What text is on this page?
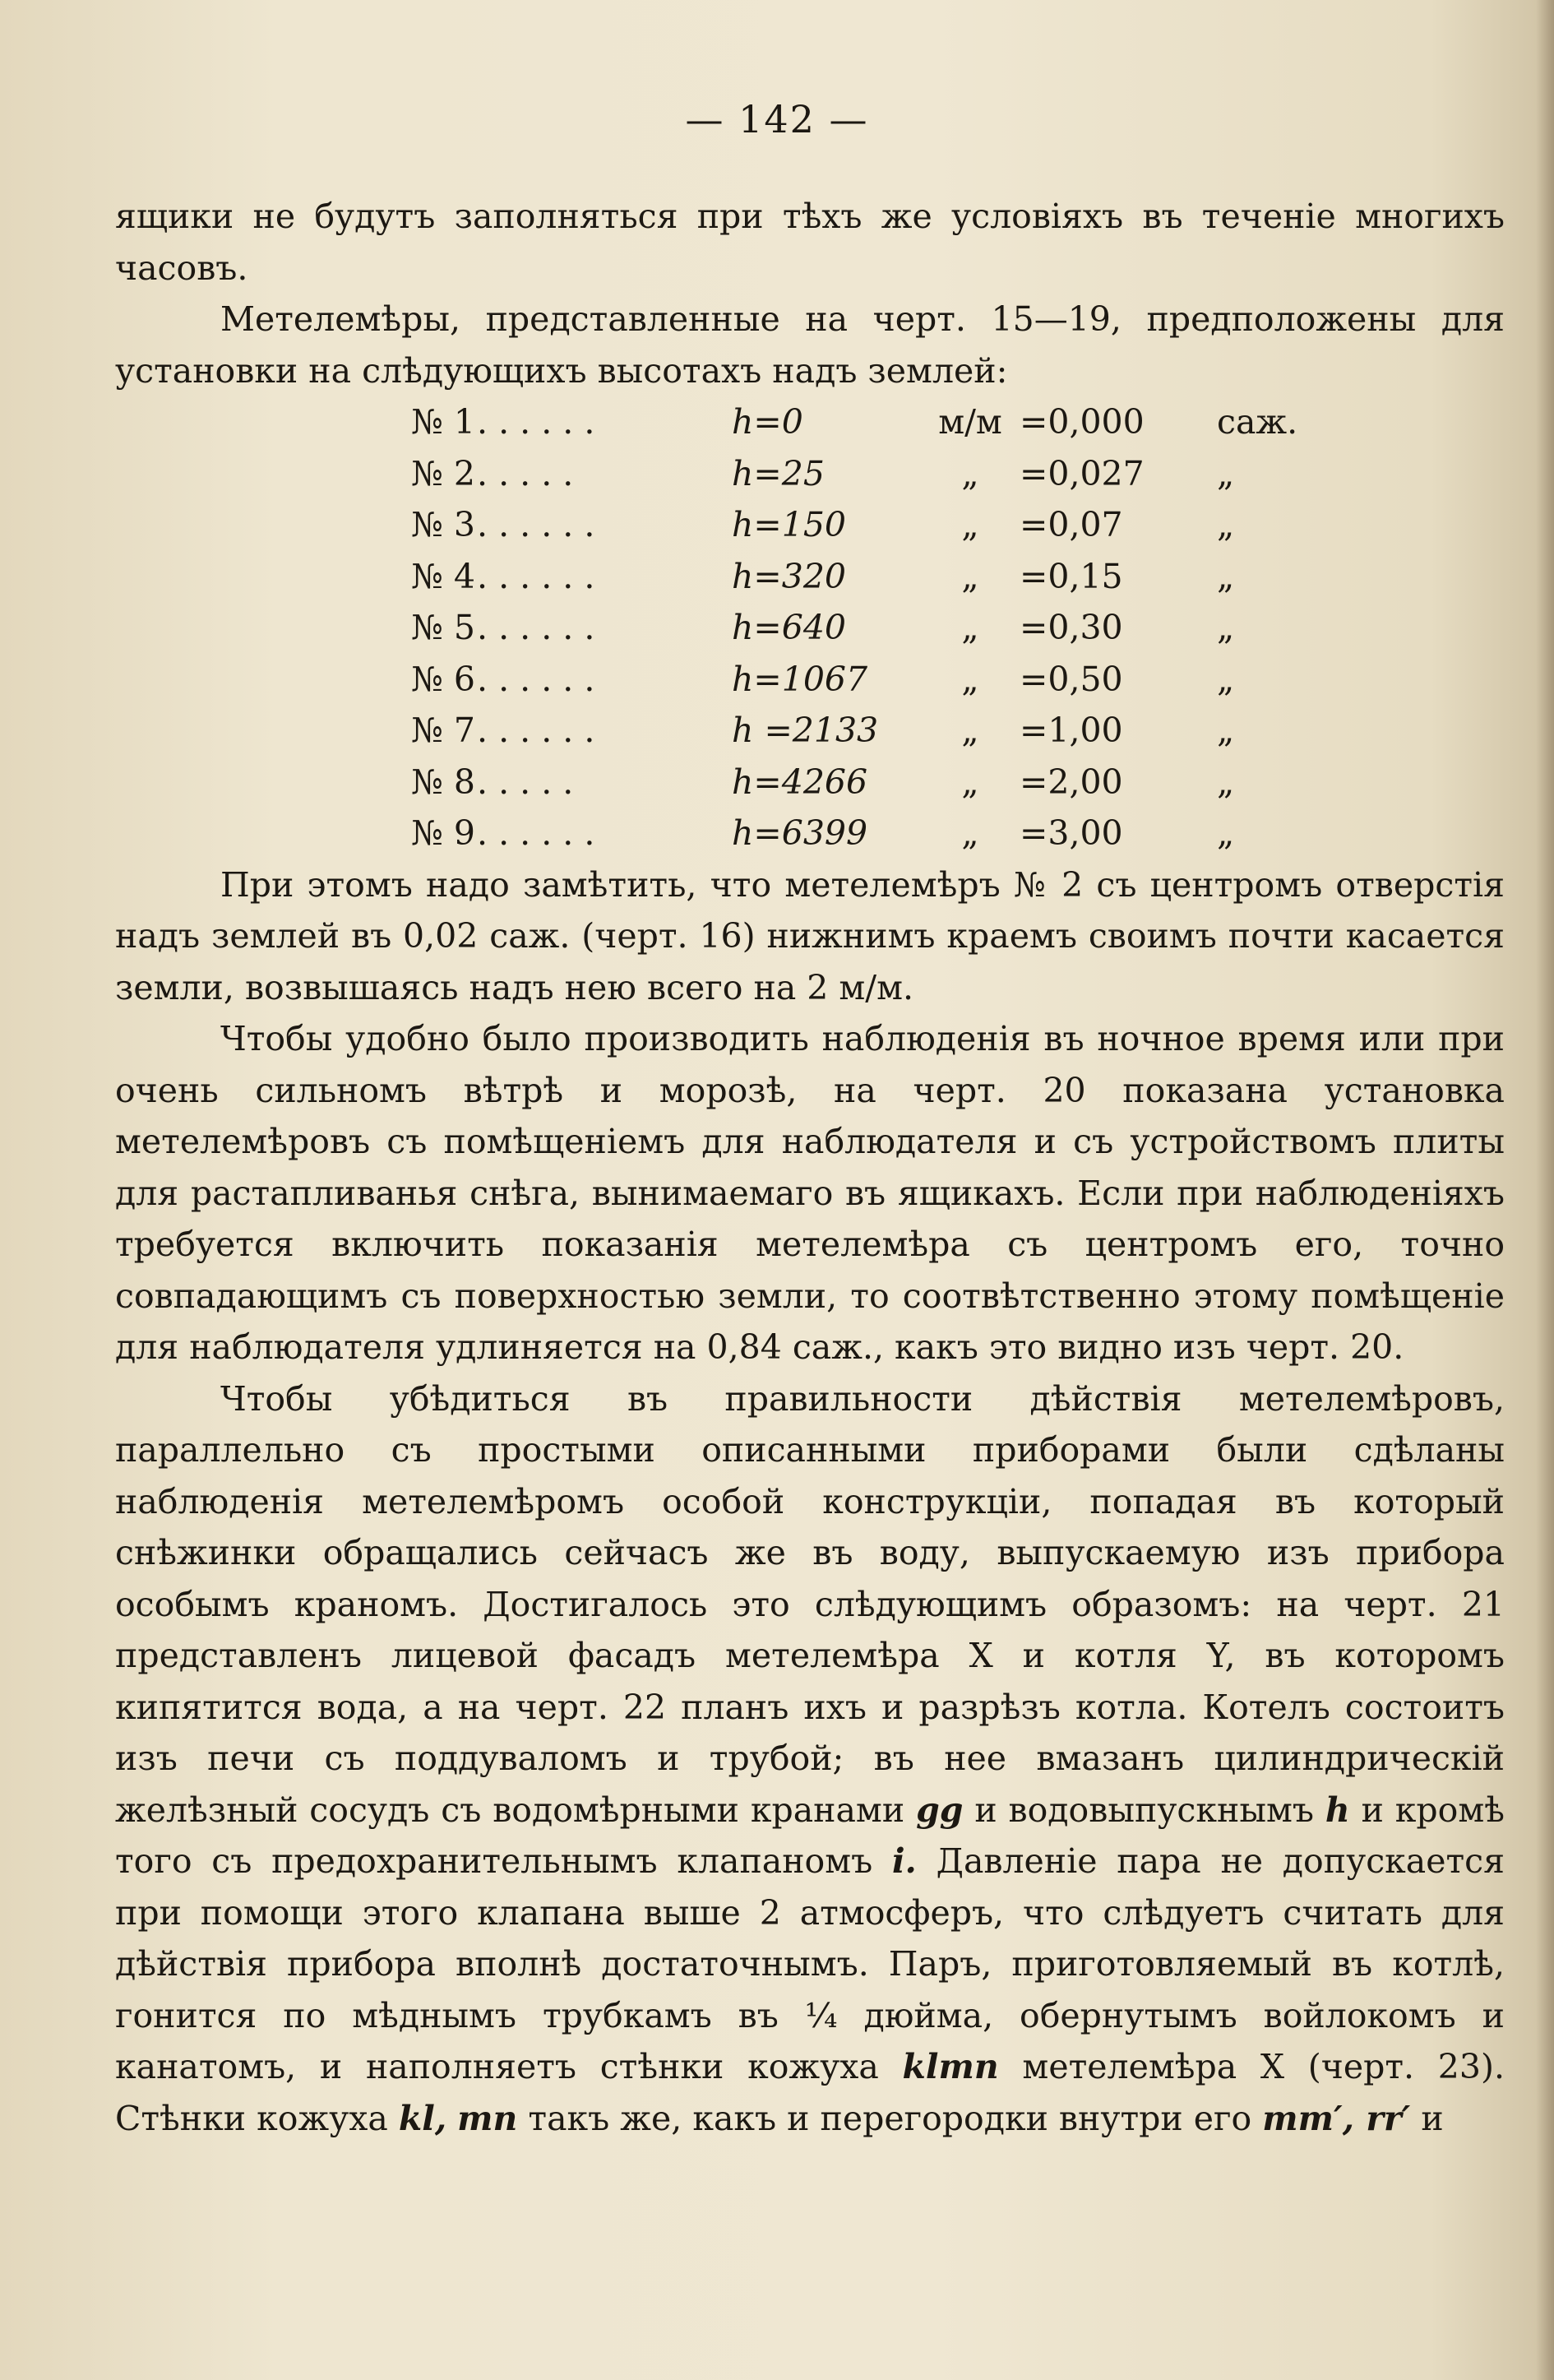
— 142 —

ящики не будутъ заполняться при тѣхъ же условіяхъ въ теченіе многихъ часовъ.

Метелемѣры, представленные на черт. 15—19, предположены для установки на слѣдующихъ высотахъ надъ землей:

№ 1	. . . . . .	h=0	м/м	=0,000	саж.
№ 2	. . . . .	h=25	„	=0,027	„
№ 3	. . . . . .	h=150	„	=0,07	„
№ 4	. . . . . .	h=320	„	=0,15	„
№ 5	. . . . . .	h=640	„	=0,30	„
№ 6	. . . . . .	h=1067	„	=0,50	„
№ 7	. . . . . .	h =2133	„	=1,00	„
№ 8	. . . . .	h=4266	„	=2,00	„
№ 9	. . . . . .	h=6399	„	=3,00	„

При этомъ надо замѣтить, что метелемѣръ № 2 съ центромъ отверстія надъ землей въ 0,02 саж. (черт. 16) нижнимъ краемъ своимъ почти касается земли, возвышаясь надъ нею всего на 2 м/м.

Чтобы удобно было производить наблюденія въ ночное время или при очень сильномъ вѣтрѣ и морозѣ, на черт. 20 показана установка метелемѣровъ съ помѣщеніемъ для наблюдателя и съ устройствомъ плиты для растапливанья снѣга, вынимаемаго въ ящикахъ. Если при наблюденіяхъ требуется включить показанія метелемѣра съ центромъ его, точно совпадающимъ съ поверхностью земли, то соотвѣтственно этому помѣщеніе для наблюдателя удлиняется на 0,84 саж., какъ это видно изъ черт. 20.

Чтобы убѣдиться въ правильности дѣйствія метелемѣровъ, параллельно съ простыми описанными приборами были сдѣланы наблюденія метелемѣромъ особой конструкціи, попадая въ который снѣжинки обращались сейчасъ же въ воду, выпускаемую изъ прибора особымъ краномъ. Достигалось это слѣдующимъ образомъ: на черт. 21 представленъ лицевой фасадъ метелемѣра X и котля Y, въ которомъ кипятится вода, а на черт. 22 планъ ихъ и разрѣзъ котла. Котелъ состоитъ изъ печи съ поддуваломъ и трубой; въ нее вмазанъ цилиндрическій желѣзный сосудъ съ водомѣрными кранами gg и водовыпускнымъ h и кромѣ того съ предохранительнымъ клапаномъ i. Давленіе пара не допускается при помощи этого клапана выше 2 атмосферъ, что слѣдуетъ считать для дѣйствія прибора вполнѣ достаточнымъ. Паръ, приготовляемый въ котлѣ, гонится по мѣднымъ трубкамъ въ ¼ дюйма, обернутымъ войлокомъ и канатомъ, и наполняетъ стѣнки кожуха klmn метелемѣра X (черт. 23). Стѣнки кожуха kl, mn такъ же, какъ и перегородки внутри его mm′, rr′ и
